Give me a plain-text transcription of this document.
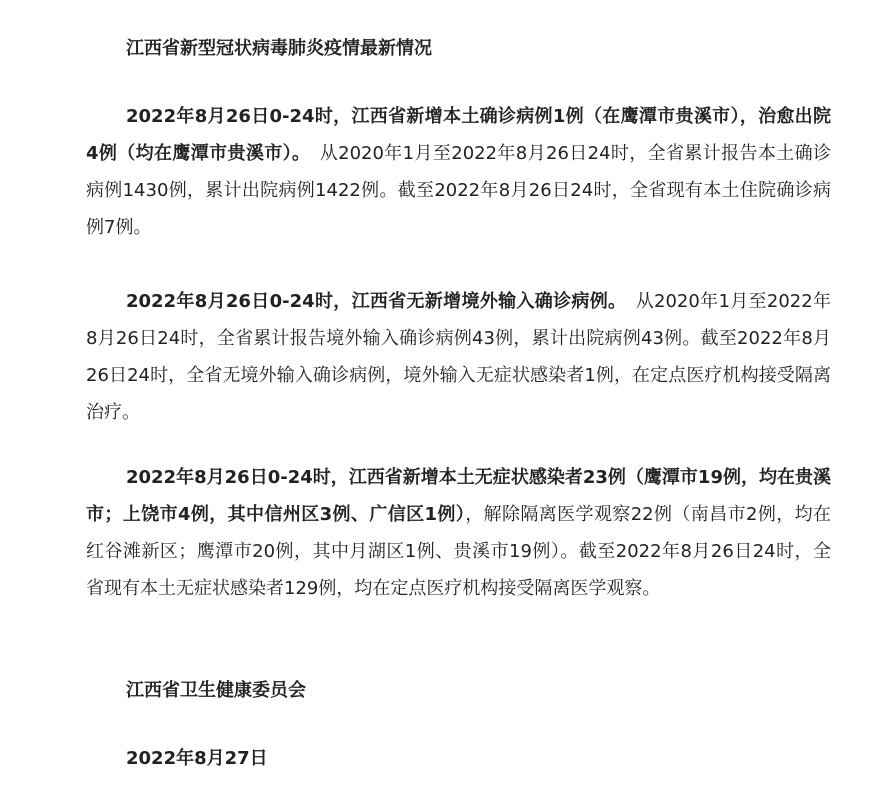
江西省新型冠状病毒肺炎疫情最新情况

2022年8月26日0-24时，江西省新增本土确诊病例1例（在鹰潭市贵溪市），治愈出院4例（均在鹰潭市贵溪市）。　从2020年1月至2022年8月26日24时，全省累计报告本土确诊病例1430例，累计出院病例1422例。截至2022年8月26日24时，全省现有本土住院确诊病例7例。

2022年8月26日0-24时，江西省无新增境外输入确诊病例。　从2020年1月至2022年8月26日24时，全省累计报告境外输入确诊病例43例，累计出院病例43例。截至2022年8月26日24时，全省无境外输入确诊病例，境外输入无症状感染者1例，在定点医疗机构接受隔离治疗。

2022年8月26日0-24时，江西省新增本土无症状感染者23例（鹰潭市19例，均在贵溪市；上饶市4例，其中信州区3例、广信区1例），解除隔离医学观察22例（南昌市2例，均在红谷滩新区；鹰潭市20例，其中月湖区1例、贵溪市19例）。截至2022年8月26日24时，全省现有本土无症状感染者129例，均在定点医疗机构接受隔离医学观察。

江西省卫生健康委员会
2022年8月27日
